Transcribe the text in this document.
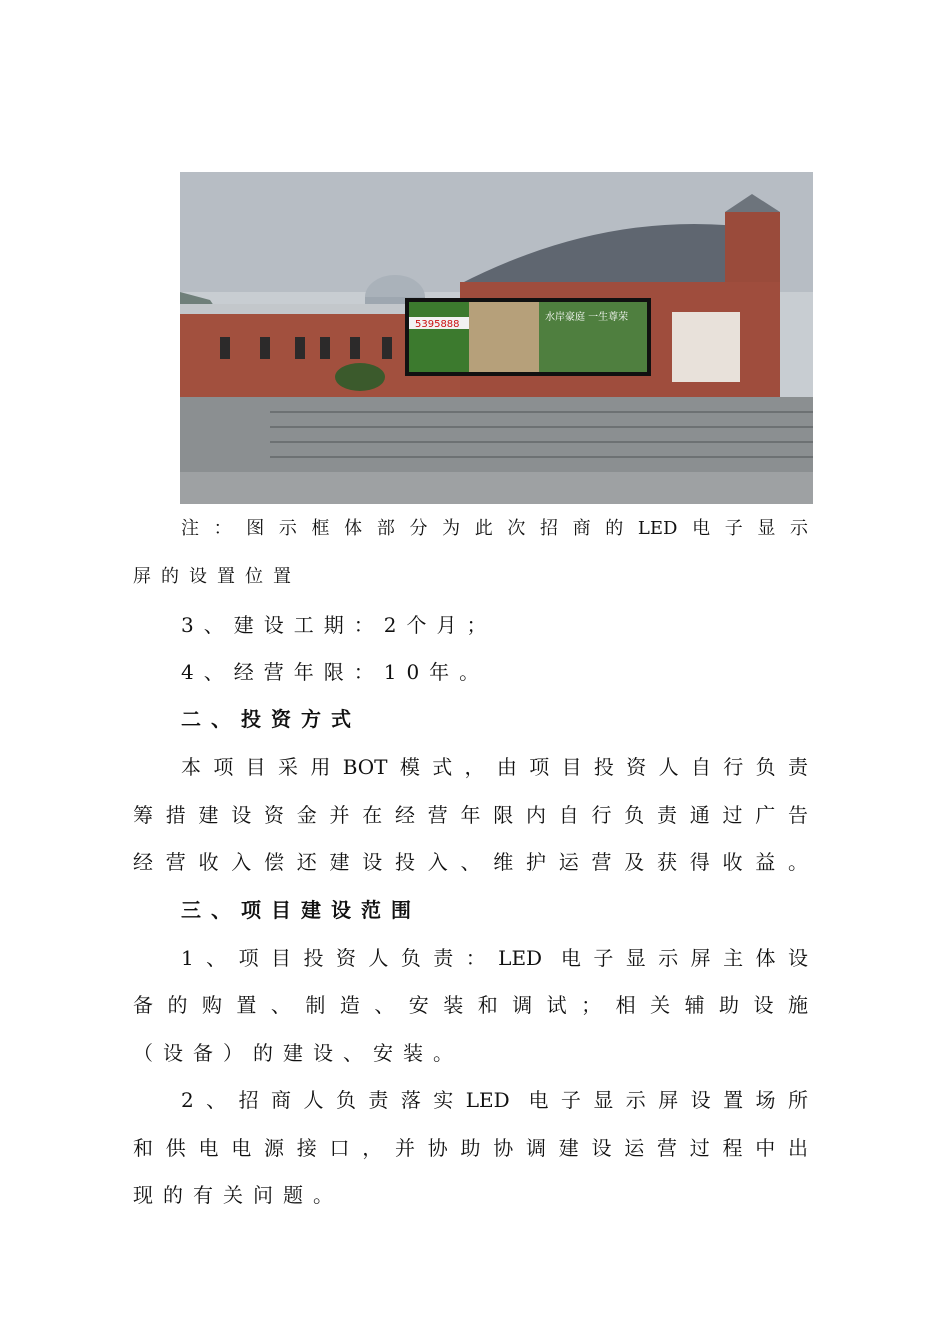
5395888
水岸豪庭 一生尊荣
注：图示框体部分为此次招商的LED电子显示
屏的设置位置
3、建设工期：2个月；
4、经营年限：10年。
二、投资方式
本项目采用BOT模式，由项目投资人自行负责
筹措建设资金并在经营年限内自行负责通过广告
经营收入偿还建设投入、维护运营及获得收益。
三、项目建设范围
1、项目投资人负责：LED 电子显示屏主体设
备的购置、制造、安装和调试；相关辅助设施
（设备）的建设、安装。
2、招商人负责落实LED 电子显示屏设置场所
和供电电源接口，并协助协调建设运营过程中出
现的有关问题。
